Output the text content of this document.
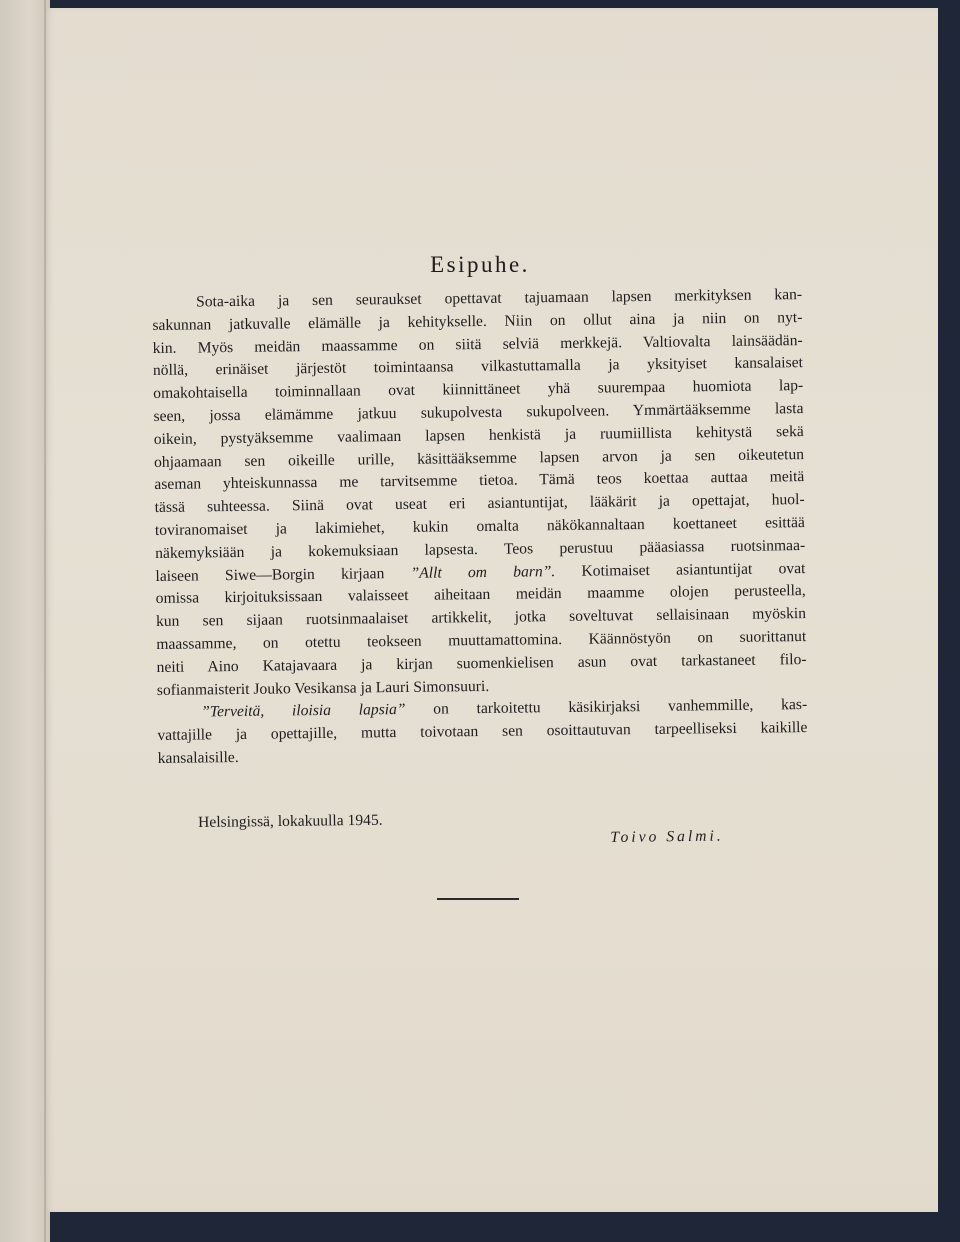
Esipuhe.
Sota-aika ja sen seuraukset opettavat tajuamaan lapsen merkityksen kan-
sakunnan jatkuvalle elämälle ja kehitykselle. Niin on ollut aina ja niin on nyt-
kin. Myös meidän maassamme on siitä selviä merkkejä. Valtiovalta lainsäädän-
nöllä, erinäiset järjestöt toimintaansa vilkastuttamalla ja yksityiset kansalaiset
omakohtaisella toiminnallaan ovat kiinnittäneet yhä suurempaa huomiota lap-
seen, jossa elämämme jatkuu sukupolvesta sukupolveen. Ymmärtääksemme lasta
oikein, pystyäksemme vaalimaan lapsen henkistä ja ruumiillista kehitystä sekä
ohjaamaan sen oikeille urille, käsittääksemme lapsen arvon ja sen oikeutetun
aseman yhteiskunnassa me tarvitsemme tietoa. Tämä teos koettaa auttaa meitä
tässä suhteessa. Siinä ovat useat eri asiantuntijat, lääkärit ja opettajat, huol-
toviranomaiset ja lakimiehet, kukin omalta näkökannaltaan koettaneet esittää
näkemyksiään ja kokemuksiaan lapsesta. Teos perustuu pääasiassa ruotsinmaa-
laiseen Siwe—Borgin kirjaan ”Allt om barn”. Kotimaiset asiantuntijat ovat
omissa kirjoituksissaan valaisseet aiheitaan meidän maamme olojen perusteella,
kun sen sijaan ruotsinmaalaiset artikkelit, jotka soveltuvat sellaisinaan myöskin
maassamme, on otettu teokseen muuttamattomina. Käännöstyön on suorittanut
neiti Aino Katajavaara ja kirjan suomenkielisen asun ovat tarkastaneet filo-
sofianmaisterit Jouko Vesikansa ja Lauri Simonsuuri.
”Terveitä, iloisia lapsia” on tarkoitettu käsikirjaksi vanhemmille, kas-
vattajille ja opettajille, mutta toivotaan sen osoittautuvan tarpeelliseksi kaikille
kansalaisille.
Helsingissä, lokakuulla 1945.
Toivo Salmi.
